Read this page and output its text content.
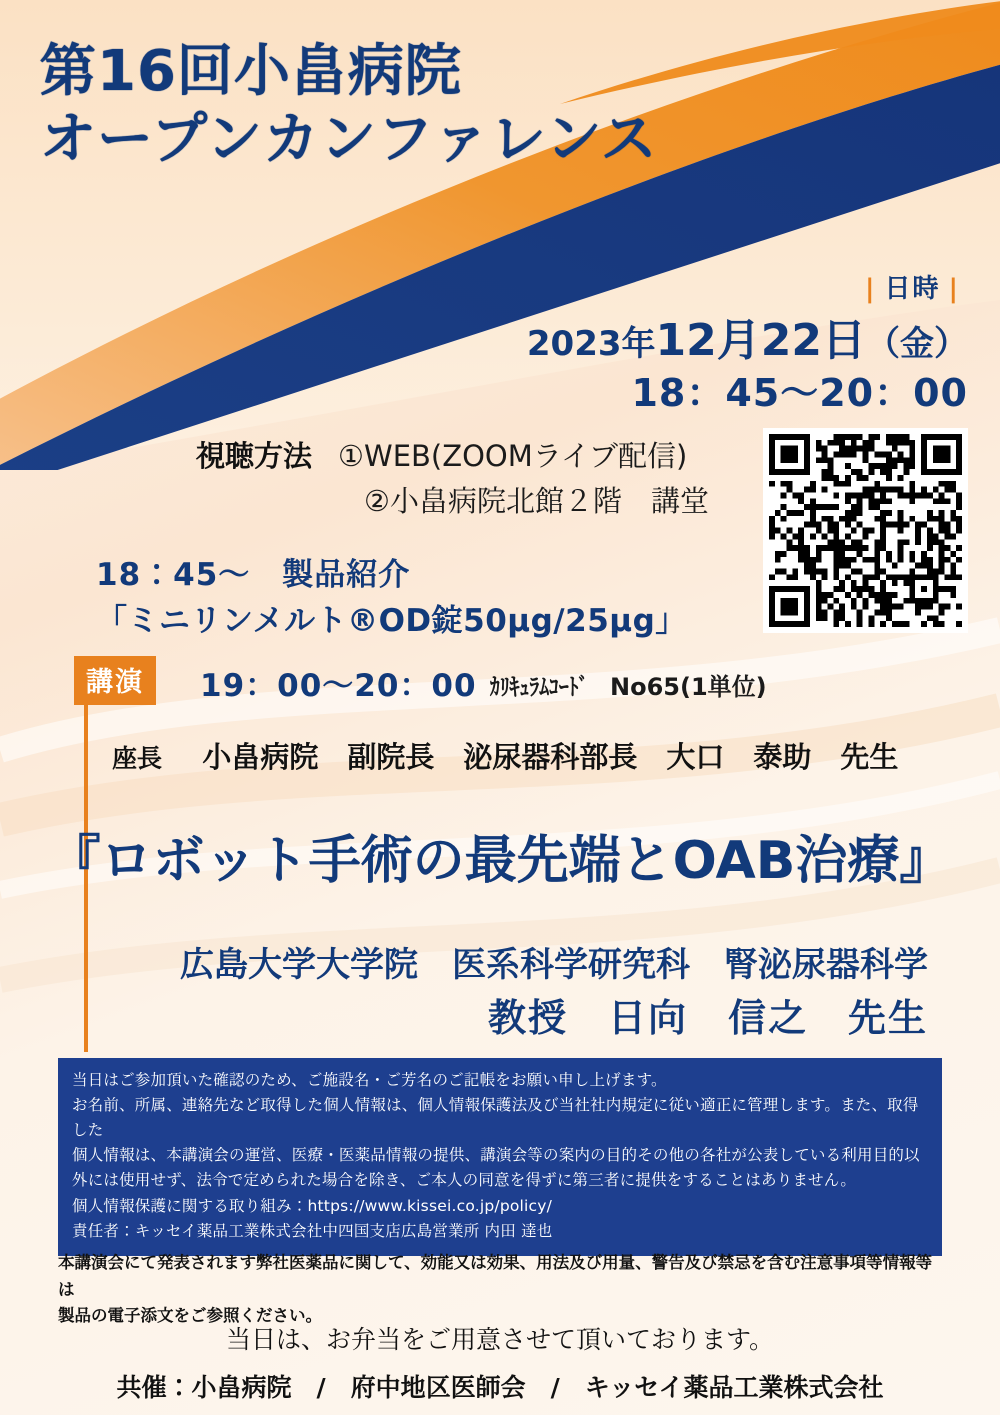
第16回小畠病院
オープンカンファレンス
| 日時 |
2023年12月22日（金）
18：45〜20：00
視聴方法 ①WEB(ZOOMライブ配信)
②小畠病院北館２階　講堂
18：45〜　製品紹介
「ミニリンメルト®OD錠50μg/25μg」
講演	19：00〜20：00 ｶﾘｷｭﾗﾑｺｰﾄﾞ No65(1単位)
座長 小畠病院　副院長　泌尿器科部長　大口　泰助　先生
『ロボット手術の最先端とOAB治療』
広島大学大学院　医系科学研究科　腎泌尿器科学
教授　日向　信之　先生

当日はご参加頂いた確認のため、ご施設名・ご芳名のご記帳をお願い申し上げます。

お名前、所属、連絡先など取得した個人情報は、個人情報保護法及び当社社内規定に従い適正に管理します。また、取得した

個人情報は、本講演会の運営、医療・医薬品情報の提供、講演会等の案内の目的その他の各社が公表している利用目的以

外には使用せず、法令で定められた場合を除き、ご本人の同意を得ずに第三者に提供をすることはありません。

個人情報保護に関する取り組み：https://www.kissei.co.jp/policy/

責任者：キッセイ薬品工業株式会社中四国支店広島営業所 内田 達也

本講演会にて発表されます弊社医薬品に関して、効能又は効果、用法及び用量、警告及び禁忌を含む注意事項等情報等は
製品の電子添文をご参照ください。
当日は、お弁当をご用意させて頂いております。
共催：小畠病院　/　府中地区医師会　/　キッセイ薬品工業株式会社
